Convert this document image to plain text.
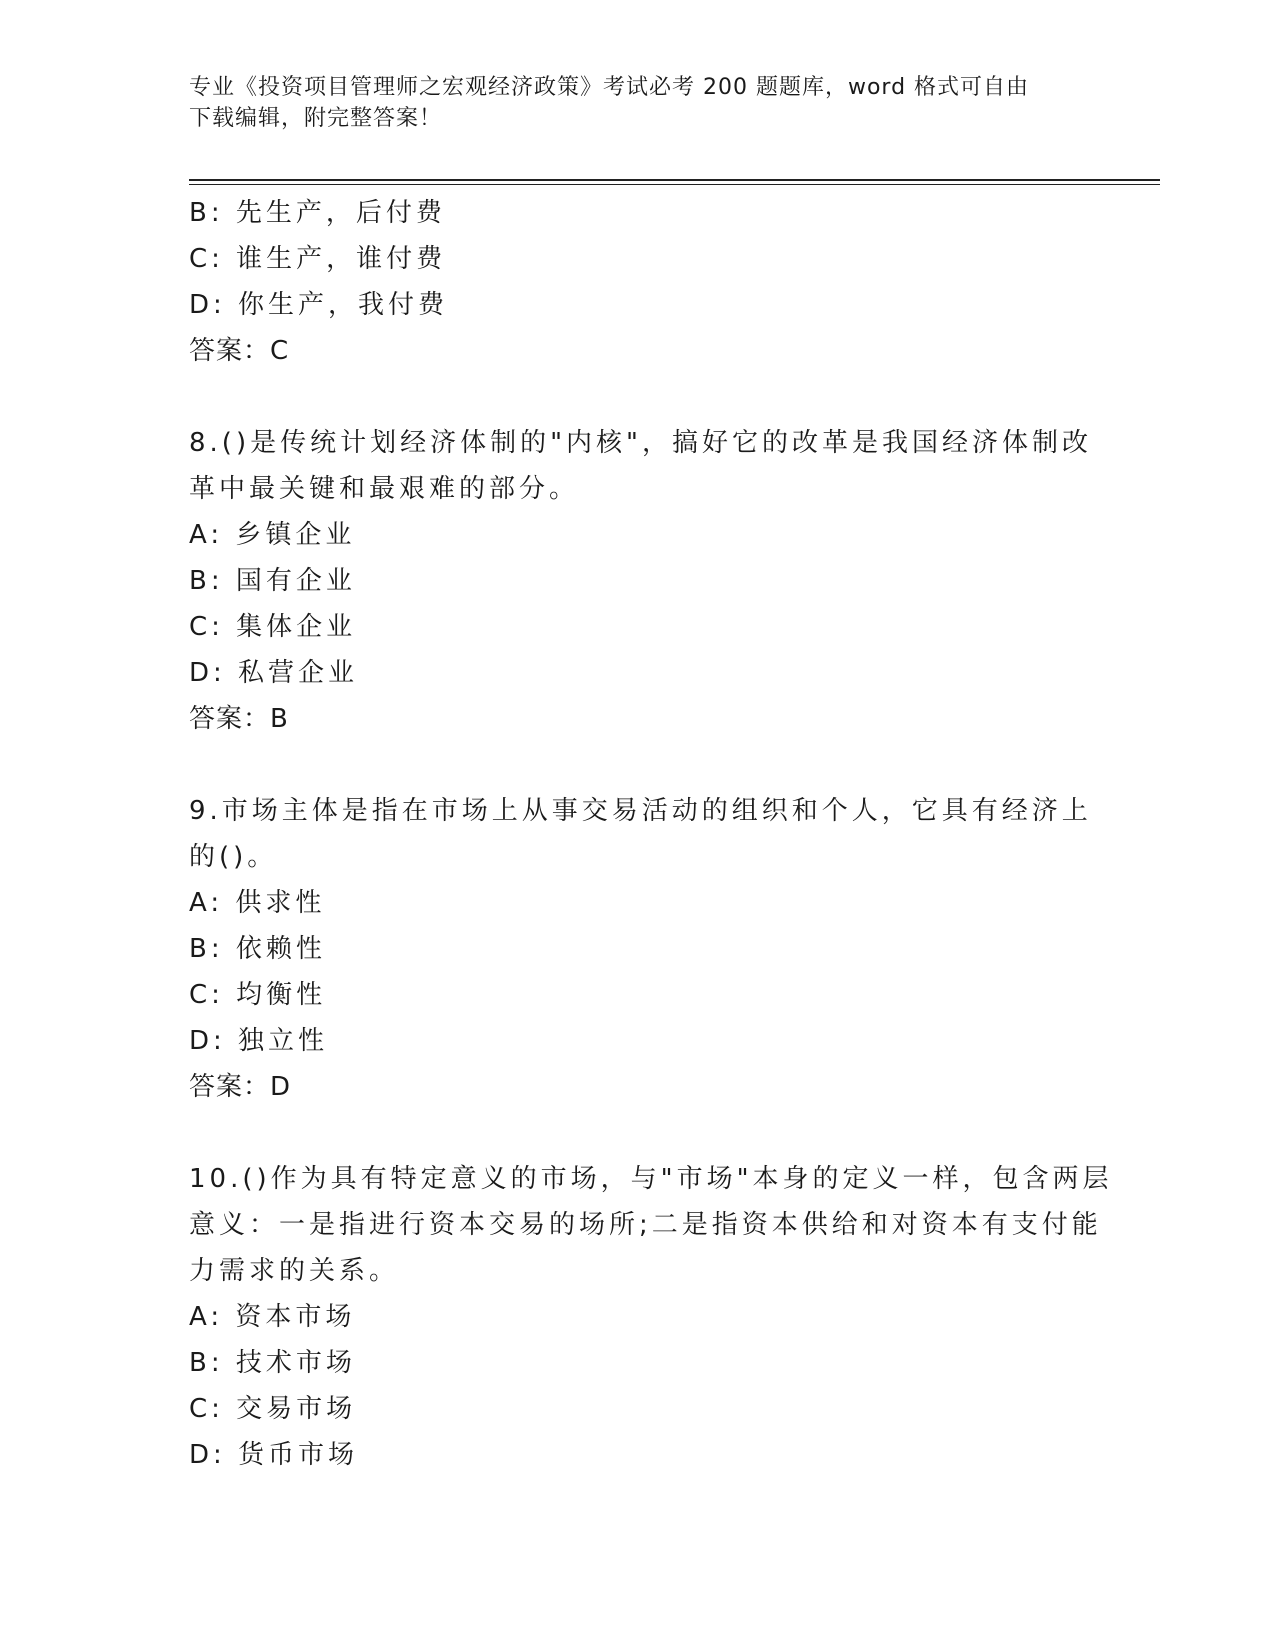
专业《投资项目管理师之宏观经济政策》考试必考 200 题题库，word 格式可自由
下载编辑，附完整答案！
B: 先生产，后付费
C: 谁生产，谁付费
D: 你生产，我付费
答案：C
8.()是传统计划经济体制的"内核"，搞好它的改革是我国经济体制改
革中最关键和最艰难的部分。
A: 乡镇企业
B: 国有企业
C: 集体企业
D: 私营企业
答案：B
9.市场主体是指在市场上从事交易活动的组织和个人，它具有经济上
的()。
A: 供求性
B: 依赖性
C: 均衡性
D: 独立性
答案：D
10.()作为具有特定意义的市场，与"市场"本身的定义一样，包含两层
意义：一是指进行资本交易的场所;二是指资本供给和对资本有支付能
力需求的关系。
A: 资本市场
B: 技术市场
C: 交易市场
D: 货币市场
